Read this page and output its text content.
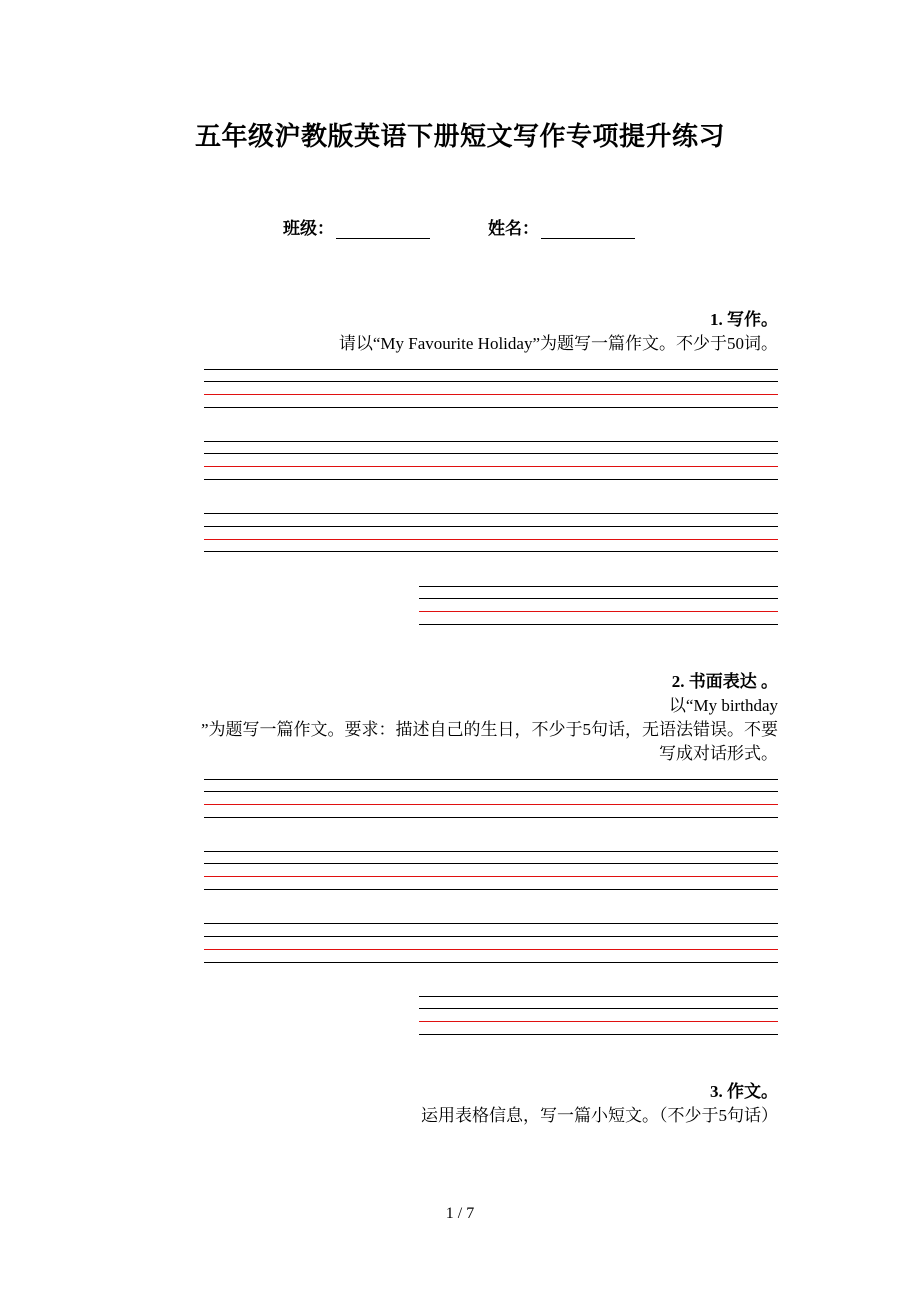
五年级沪教版英语下册短文写作专项提升练习
班级：	姓名：
1. 写作。
请以“My Favourite Holiday”为题写一篇作文。不少于50词。
2. 书面表达 。
以“My birthday
”为题写一篇作文。要求：描述自己的生日，不少于5句话，无语法错误。不要
写成对话形式。
3. 作文。
运用表格信息，写一篇小短文。（不少于5句话）
1 / 7
